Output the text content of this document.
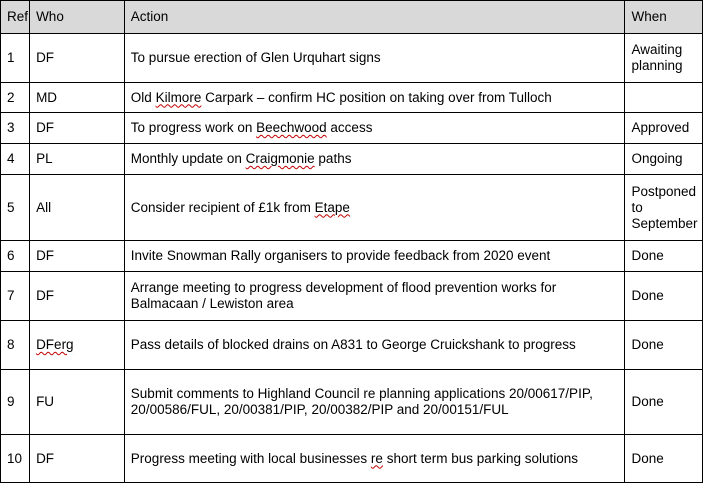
Ref	Who	Action	When
1	DF	To pursue erection of Glen Urquhart signs	Awaiting planning
2	MD	Old Kilmore Carpark – confirm HC position on taking over from Tulloch	
3	DF	To progress work on Beechwood access	Approved
4	PL	Monthly update on Craigmonie paths	Ongoing
5	All	Consider recipient of £1k from Etape	Postponed to September
6	DF	Invite Snowman Rally organisers to provide feedback from 2020 event	Done
7	DF	Arrange meeting to progress development of flood prevention works for Balmacaan / Lewiston area	Done
8	DFerg	Pass details of blocked drains on A831 to George Cruickshank to progress	Done
9	FU	Submit comments to Highland Council re planning applications 20/00617/PIP, 20/00586/FUL, 20/00381/PIP, 20/00382/PIP and 20/00151/FUL	Done
10	DF	Progress meeting with local businesses re short term bus parking solutions	Done
